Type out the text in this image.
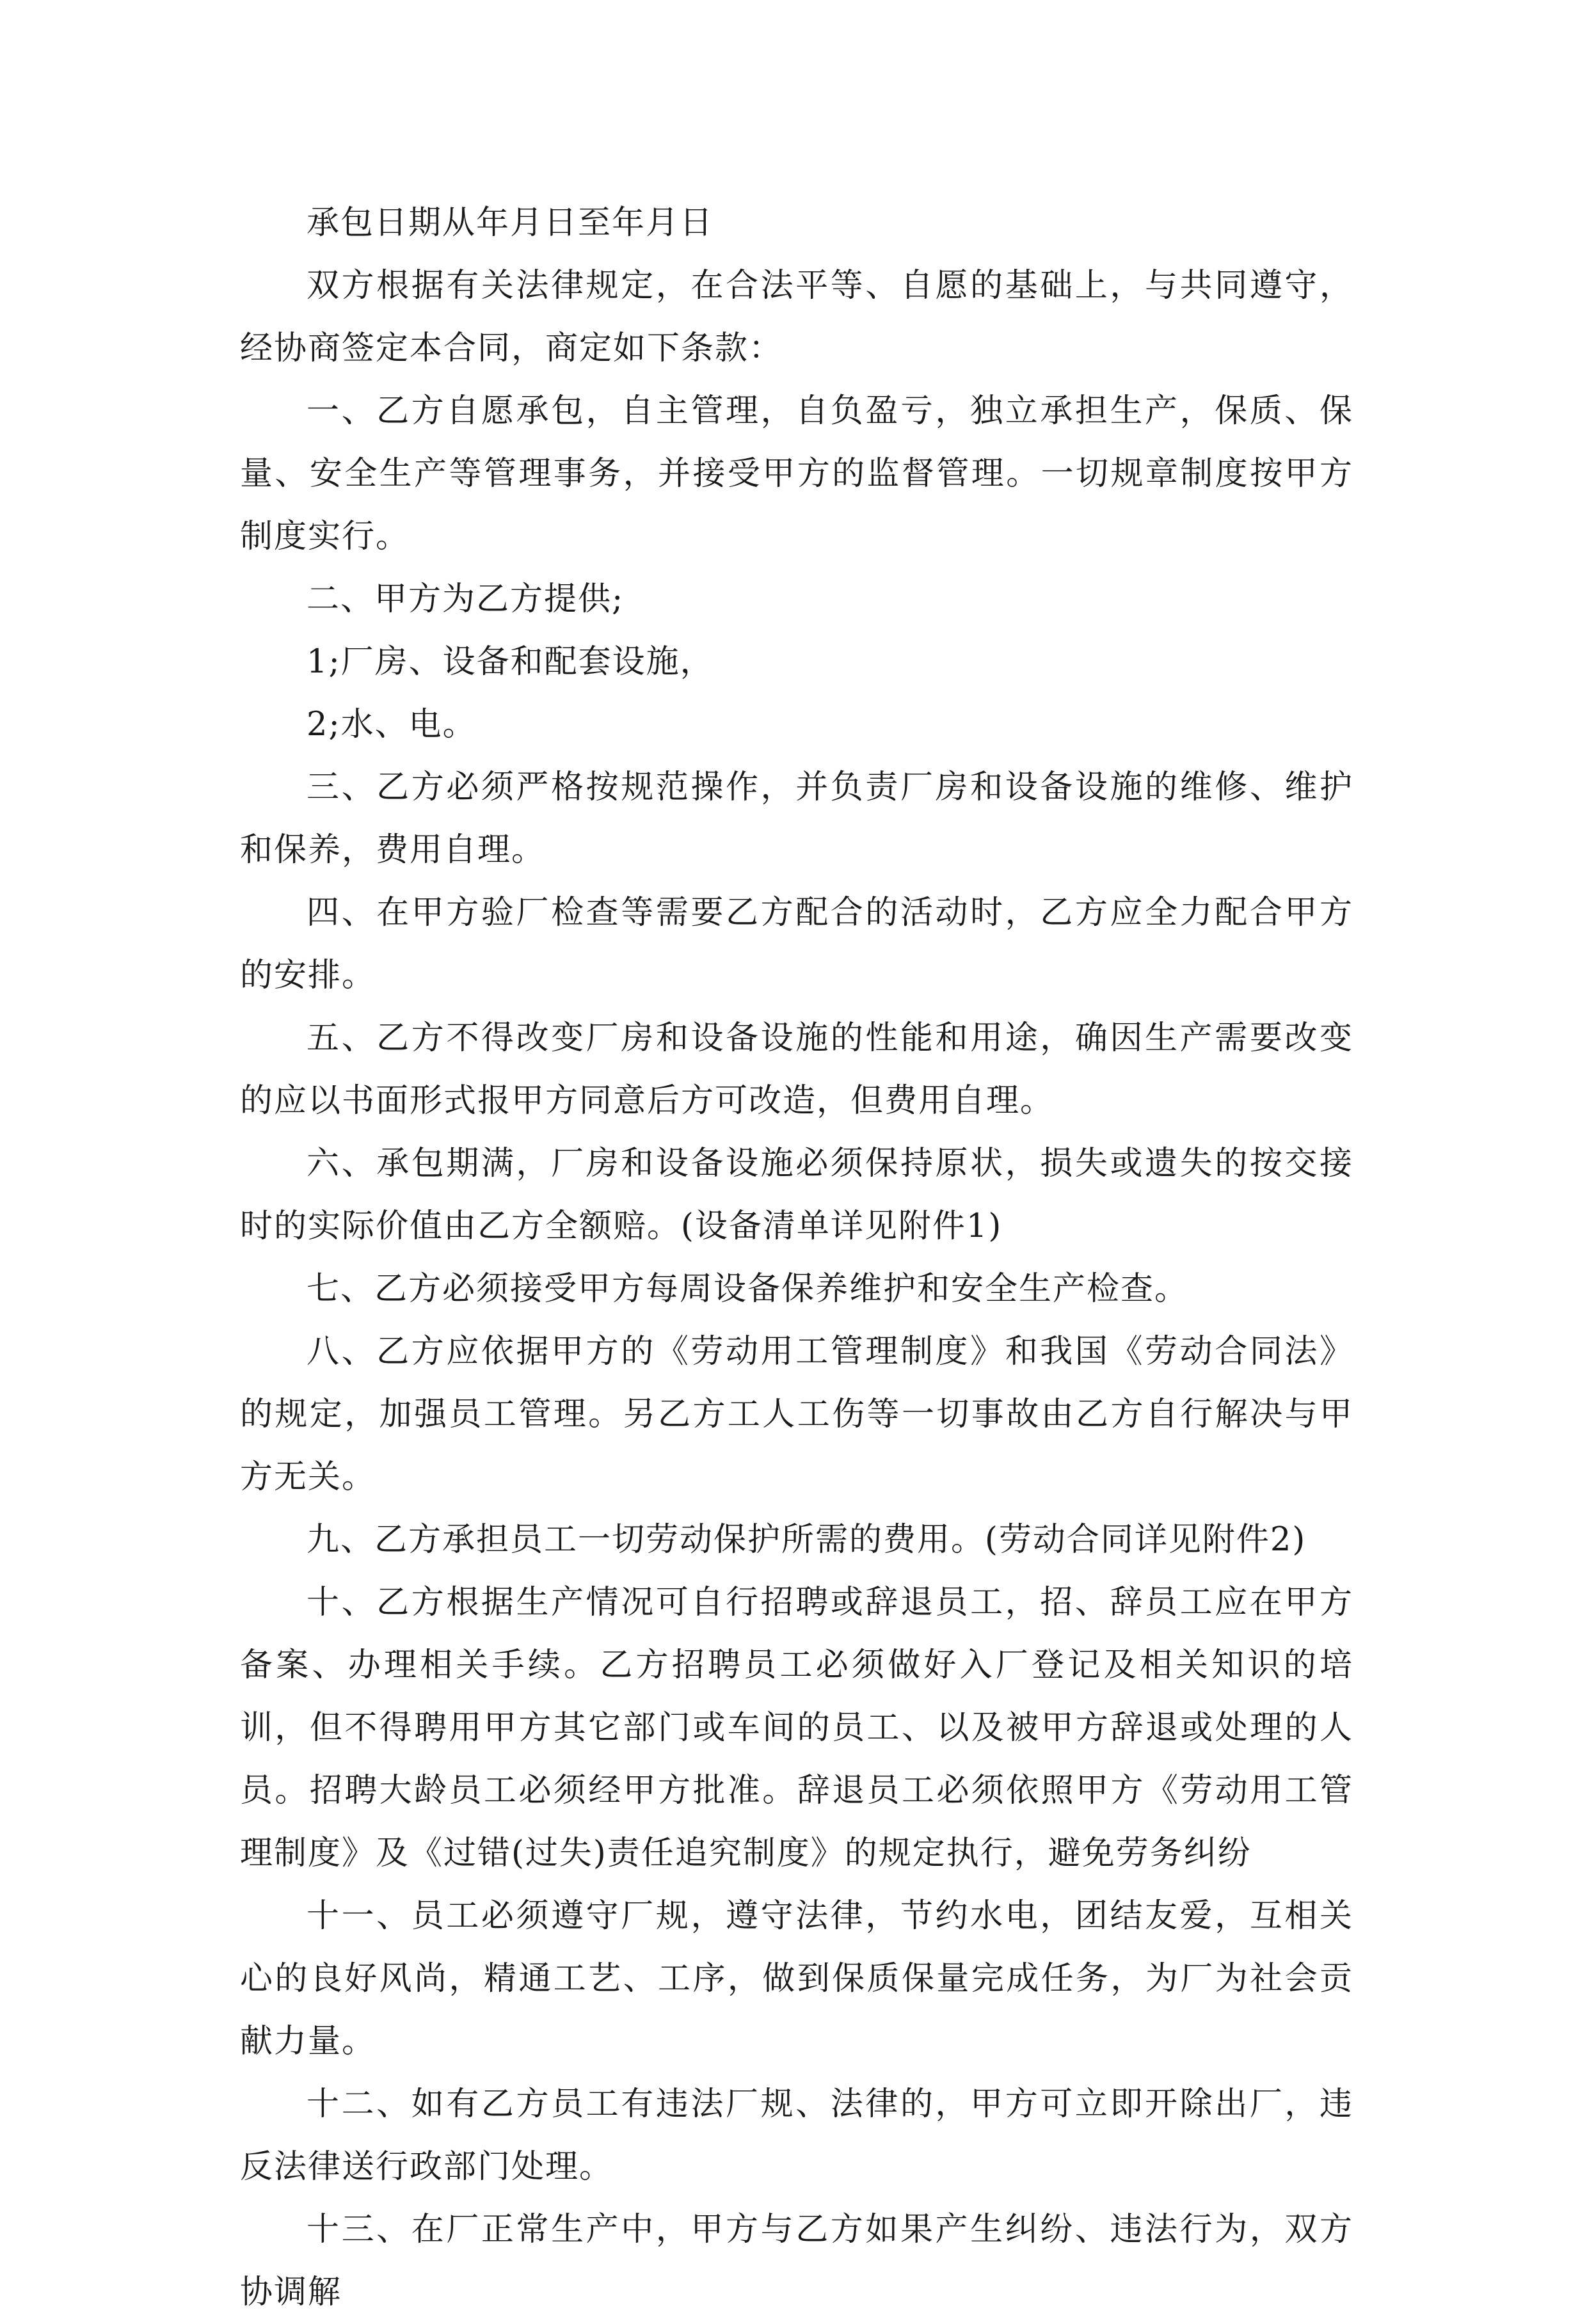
承包日期从年月日至年月日

双方根据有关法律规定，在合法平等、自愿的基础上，与共同遵守，经协商签定本合同，商定如下条款：

一、乙方自愿承包，自主管理，自负盈亏，独立承担生产，保质、保量、安全生产等管理事务，并接受甲方的监督管理。一切规章制度按甲方制度实行。

二、甲方为乙方提供;

1;厂房、设备和配套设施，

2;水、电。

三、乙方必须严格按规范操作，并负责厂房和设备设施的维修、维护和保养，费用自理。

四、在甲方验厂检查等需要乙方配合的活动时，乙方应全力配合甲方的安排。

五、乙方不得改变厂房和设备设施的性能和用途，确因生产需要改变的应以书面形式报甲方同意后方可改造，但费用自理。

六、承包期满，厂房和设备设施必须保持原状，损失或遗失的按交接时的实际价值由乙方全额赔。(设备清单详见附件1)

七、乙方必须接受甲方每周设备保养维护和安全生产检查。

八、乙方应依据甲方的《劳动用工管理制度》和我国《劳动合同法》的规定，加强员工管理。另乙方工人工伤等一切事故由乙方自行解决与甲方无关。

九、乙方承担员工一切劳动保护所需的费用。(劳动合同详见附件2)

十、乙方根据生产情况可自行招聘或辞退员工，招、辞员工应在甲方备案、办理相关手续。乙方招聘员工必须做好入厂登记及相关知识的培训，但不得聘用甲方其它部门或车间的员工、以及被甲方辞退或处理的人员。招聘大龄员工必须经甲方批准。辞退员工必须依照甲方《劳动用工管理制度》及《过错(过失)责任追究制度》的规定执行，避免劳务纠纷

十一、员工必须遵守厂规，遵守法律，节约水电，团结友爱，互相关心的良好风尚，精通工艺、工序，做到保质保量完成任务，为厂为社会贡献力量。

十二、如有乙方员工有违法厂规、法律的，甲方可立即开除出厂，违反法律送行政部门处理。

十三、在厂正常生产中，甲方与乙方如果产生纠纷、违法行为，双方协调解
